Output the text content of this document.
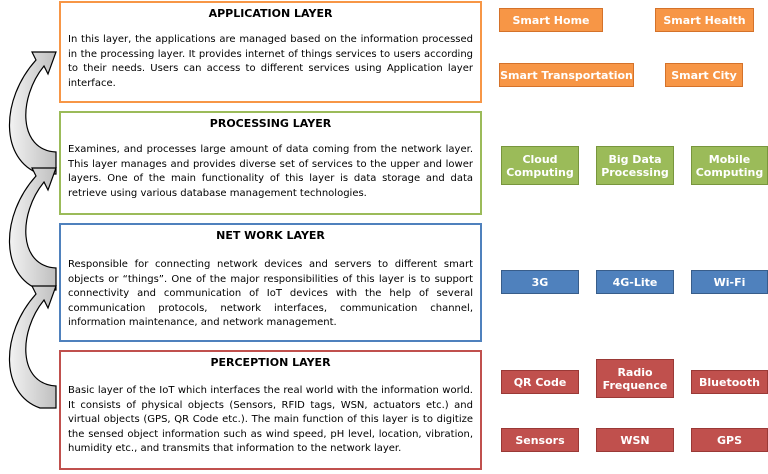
APPLICATION LAYER

In this layer, the applications are managed based on the information processed in the processing layer. It provides internet of things services to users according to their needs. Users can access to different services using Application layer interface.

PROCESSING LAYER

Examines, and processes large amount of data coming from the network layer. This layer manages and provides diverse set of services to the upper and lower layers. One of the main functionality of this layer is data storage and data retrieve using various database management technologies.

NET WORK LAYER

Responsible for connecting network devices and servers to different smart objects or “things”. One of the major responsibilities of this layer is to support connectivity and communication of IoT devices with the help of several communication protocols, network interfaces, communication channel, information maintenance, and network management.

PERCEPTION LAYER

Basic layer of the IoT which interfaces the real world with the information world. It consists of physical objects (Sensors, RFID tags, WSN, actuators etc.) and virtual objects (GPS, QR Code etc.). The main function of this layer is to digitize the sensed object information such as wind speed, pH level, location, vibration, humidity etc., and transmits that information to the network layer.

Smart Home	Smart Health
Smart Transportation	Smart City
Cloud Computing
Big Data Processing
Mobile Computing
3G	4G-Lite	Wi-Fi
QR Code
Radio Frequence	Bluetooth
Sensors	WSN	GPS
